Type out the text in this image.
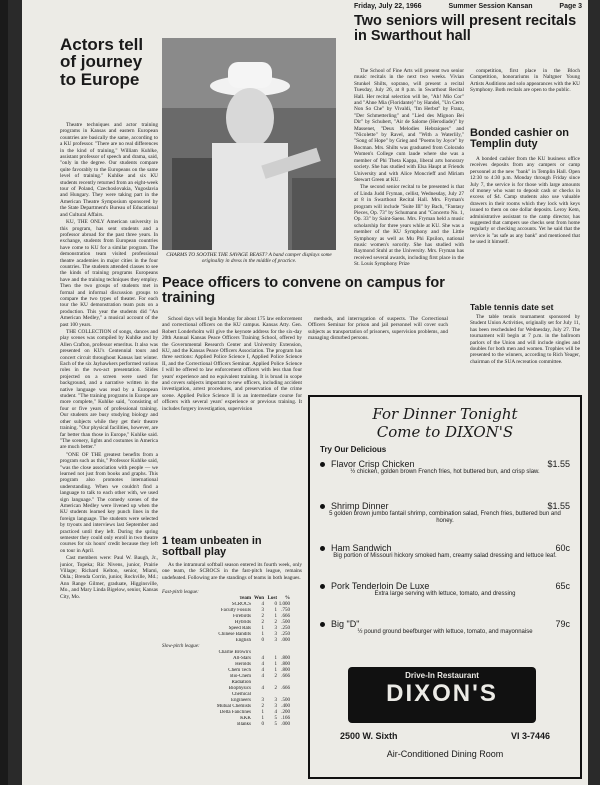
Friday, July 22, 1966	Summer Session Kansan	Page 3
Actors tell of journey to Europe

Theatre techniques and actor training programs in Kansas and eastern European countries are basically the same, according to a KU professor. "There are no real differences in the kind of training," William Kuhlke, assistant professor of speech and drama, said, "only in the degree. Our students compare quite favorably to the Europeans on the same level of training." Kuhlke and six KU students recently returned from an eight-week tour of Poland, Czechoslovakia, Yugoslavia and Hungary. They were taking part in the American Theatre Symposium sponsored by the State Department's Bureau of Educational and Cultural Affairs.

KU, THE ONLY American university in this program, has sent students and a professor abroad for the past three years. In exchange, students from European countries have come to KU for a similar program. The demonstration team visited professional theatre academies in major cities in the four countries. The students attended classes to see the kinds of training programs Europeans have and the training techniques they employ. Then the two groups of students met in formal and informal discussion groups to compare the two types of theater. For each tour the KU demonstration team puts on a production. This year the students did "An American Medley," a musical account of the past 100 years.

THE COLLECTION of songs, dances and play scenes was compiled by Kuhlke and by Allen Crafton, professor emeritus. It also was presented on KU's Centennial tours and concert circuit throughout Kansas last winter. Each of the six Jayhawkers performed various roles in the two-act presentation. Slides projected on a screen were used for background, and a narrative written in the native language was read by a European student. "The training programs in Europe are more complete," Kuhlke said, "consisting of four or five years of professional training. Our students are busy studying biology and other subjects while they get their theatre training. "Our physical facilities, however, are far better than those in Europe," Kuhlke said. "The scenery, lights and costumes in America are much better."

"ONE OF THE greatest benefits from a program such as this," Professor Kuhlke said, "was the close association with people — we learned not just from books and graphs. This program also promotes international understanding. When we couldn't find a language to talk to each other with, we used sign language." The comedy scenes of the American Medley were livened up when the KU students learned key punch lines in the foreign language. The students were selected by tryouts and interviews last September and practiced until they left. During the spring semester they could only enroll in two theatre courses for six hours' credit because they left on tour in April.

Cast members were: Paul W. Baugh, Jr., junior, Topeka; Ric Nivens, junior, Prairie Village; Richard Kelton, senior, Miami, Okla.; Brenda Corrin, junior, Rockville, Md.; Ann Range Gilmer, graduate, Higginsville, Mo., and Mary Linda Bigelow, senior, Kansas City, Mo.

CHARMS TO SOOTHE THE SAVAGE BEAST? A band camper displays some originality in dress in the middle of practice.
Two seniors will present recitals in Swarthout hall

The School of Fine Arts will present two senior music recitals in the next two weeks. Vivian Stunkel Shilts, soprano, will present a recital Tuesday, July 26, at 8 p.m. in Swarthout Recital Hall. Her recital selection will be, "Ah! Mio Cor" and "Ahne Mia (Floridante)" by Handel, "Un Certo Non So Che" by Vivaldi, "Im Herbst" by Franz, "Der Schmetterling" and "Lied des Mignon Bei Dir" by Schubert, "Air de Salome (Herodiade)" by Massenet, "Deux Melodies Hebraiques" and "Nicolette" by Ravel, and "With a Waterlily," "Song of Hope" by Grieg and "Poems by Joyce" by Bocman. Mrs. Shilts was graduated from Colorado Women's College cum laude where she was a member of Phi Theta Kappa, liberal arts honorary society. She has studied with Elsa Haupt at Friends University and with Alice Moncrieff and Miriam Stewart Green at KU.

The second senior recital to be presented is that of Linda Judd Fryman, cellist, Wednesday, July 27 at 8 in Swarthout Recital Hall. Mrs. Fryman's program will include "Suite III" by Bach, "Fantasy Pieces, Op. 73" by Schumann and "Concerto No. 1, Op. 33" by Saint-Saens. Mrs. Fryman held a music scholarship for three years while at KU. She was a member of the KU Symphony and the Little Symphony as well as Mu Phi Epsilon, national music women's sorority. She has studied with Raymond Stuhl at the University. Mrs. Fryman has received several awards, including first place in the St. Louis Symphony Prize

competition, first place in the Bloch Competition, honorariums in Naltgner Young Artists Auditions and solo appearances with the KU Symphony. Both recitals are open to the public.

Bonded cashier on Templin duty

A bonded cashier from the KU business office receives deposits from any campers or camp personnel at the new "bank" in Templin Hall. Open 12:30 to 4:30 p.m. Monday through Friday since July 7, the service is for those with large amounts of money who want to deposit cash or checks in excess of $4. Camp students also use valuable drawers in their rooms which they lock with keys issued to them on one dollar deposits. Leroy Kem, administrative assistant to the camp director, has suggested that campers use checks sent from home regularly or checking accounts. Yet he said that the service is "as safe as any bank" and mentioned that he used it himself.

Table tennis date set

The table tennis tournament sponsored by Student Union Activities, originally set for July 11, has been rescheduled for Wednesday, July 27. The tournament will begin at 7 p.m. in the ballroom parlors of the Union and will include singles and doubles for both men and women. Trophies will be presented to the winners, according to Rich Yeager, chairman of the SUA recreation committee.

Peace officers to convene on campus for training

School days will begin Monday for about 175 law enforcement and correctional officers on the KU campus. Kansas Atty. Gen. Robert Londerholm will give the keynote address for the six-day 20th Annual Kansas Peace Officers Training School, offered by the Governmental Research Center and University Extension, KU, and the Kansas Peace Officers Association. The program has three sections: Applied Police Science I, Applied Police Science II, and the Correctional Officers Seminar. Applied Police Science I will be offered to law enforcement officers with less than four years' experience and no equivalent training. It is broad in scope and covers subjects important to new officers, including accident investigation, arrest procedures, and preservation of the crime scene. Applied Police Science II is an intermediate course for officers with several years' experience or previous training. It includes forgery investigation, supervision

methods, and interrogation of suspects. The Correctional Officers Seminar for prison and jail personnel will cover such subjects as transportation of prisoners, supervision problems, and managing disturbed persons.

1 team unbeaten in softball play

As the intramural softball season entered its fourth week, only one team, the SCROCS in the fast-pitch league, remains undefeated. Following are the standings of teams in both leagues.

Fast-pitch league:
Team Won Lost	%
SCROCS	4	0 1.000
Faculty Fossils	3	1 .750
Firebirds	2	1 .666
Hybrids	2	2 .500
Speed Rats	1	3 .250
Chinese Bandits	1	3 .250
English	0	3 .000
Slow-pitch league:
Charlie Brown's
All-Stars	4	1 .800
Herolds	4	1 .800
Chem Tech	4	1 .800
Bio-Chem	4	2 .666
Radiation
Biophysics	4	2 .666
Chemical
Engineers	3	3 .500
Mutual Chemists	2	3 .400
Delta Fanclines	1	4 .200
KKK	1	5 .166
Blanks	0	5 .000
For Dinner Tonight
Come to DIXON'S
Try Our Delicious
Flavor Crisp Chicken	$1.55
½ chicken, golden brown French fries, hot buttered bun, and crisp slaw.
Shrimp Dinner	$1.55
5 golden brown jumbo fantail shrimp, combination salad, French fries, buttered bun and honey.
Ham Sandwich	60c
Big portion of Missouri hickory smoked ham, creamy salad dressing and lettuce leaf.
Pork Tenderloin De Luxe	65c
Extra large serving with lettuce, tomato, and dressing
Big "D"	79c
½ pound ground beefburger with lettuce, tomato, and mayonnaise
Drive-In Restaurant
DIXON'S
2500 W. Sixth	VI 3-7446
Air-Conditioned Dining Room
